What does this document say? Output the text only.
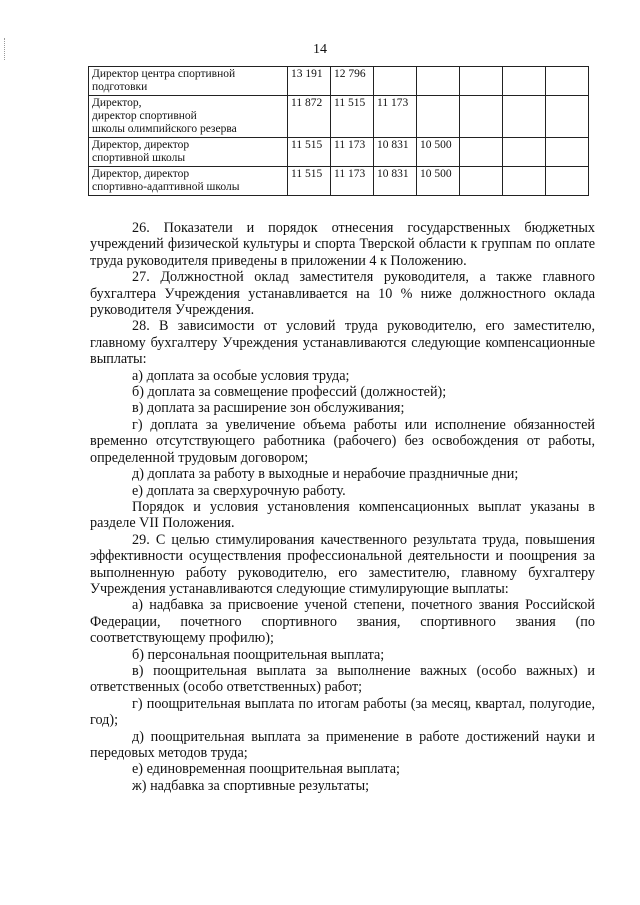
14
Директор центра спортивной
подготовки	13 191	12 796					

Директор,
директор спортивной
школы олимпийского резерва	11 872	11 515	11 173				

Директор, директор
спортивной школы	11 515	11 173	10 831	10 500			

Директор, директор
спортивно-адаптивной школы	11 515	11 173	10 831	10 500			

26. Показатели и порядок отнесения государственных бюджетных учреждений физической культуры и спорта Тверской области к группам по оплате труда руководителя приведены в приложении 4 к Положению.

27. Должностной оклад заместителя руководителя, а также главного бухгалтера Учреждения устанавливается на 10 % ниже должностного оклада руководителя Учреждения.

28. В зависимости от условий труда руководителю, его заместителю, главному бухгалтеру Учреждения устанавливаются следующие компенсационные выплаты:

а) доплата за особые условия труда;

б) доплата за совмещение профессий (должностей);

в) доплата за расширение зон обслуживания;

г) доплата за увеличение объема работы или исполнение обязанностей временно отсутствующего работника (рабочего) без освобождения от работы, определенной трудовым договором;

д) доплата за работу в выходные и нерабочие праздничные дни;

е) доплата за сверхурочную работу.

Порядок и условия установления компенсационных выплат указаны в разделе VII Положения.

29. С целью стимулирования качественного результата труда, повышения эффективности осуществления профессиональной деятельности и поощрения за выполненную работу руководителю, его заместителю, главному бухгалтеру Учреждения устанавливаются следующие стимулирующие выплаты:

а) надбавка за присвоение ученой степени, почетного звания Российской Федерации, почетного спортивного звания, спортивного звания (по соответствующему профилю);

б) персональная поощрительная выплата;

в) поощрительная выплата за выполнение важных (особо важных) и ответственных (особо ответственных) работ;

г) поощрительная выплата по итогам работы (за месяц, квартал, полугодие, год);

д) поощрительная выплата за применение в работе достижений науки и передовых методов труда;

е) единовременная поощрительная выплата;

ж) надбавка за спортивные результаты;
